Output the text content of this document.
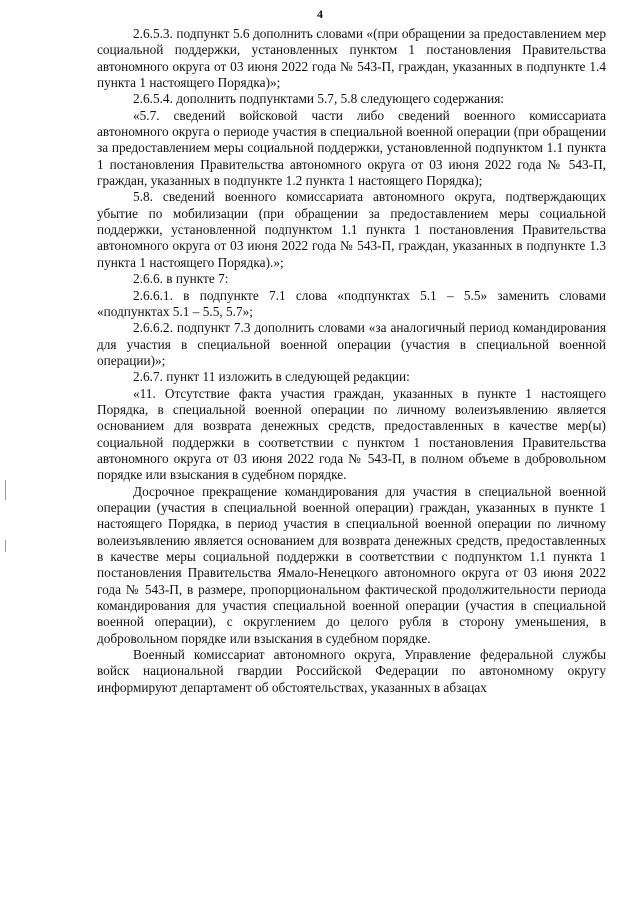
4

2.6.5.3. подпункт 5.6 дополнить словами «(при обращении за предоставлением мер социальной поддержки, установленных пунктом 1 постановления Правительства автономного округа от 03 июня 2022 года № 543-П, граждан, указанных в подпункте 1.4 пункта 1 настоящего Порядка)»;

2.6.5.4. дополнить подпунктами 5.7, 5.8 следующего содержания:

«5.7. сведений войсковой части либо сведений военного комиссариата автономного округа о периоде участия в специальной военной операции (при обращении за предоставлением меры социальной поддержки, установленной подпунктом 1.1 пункта 1 постановления Правительства автономного округа от 03 июня 2022 года № 543-П, граждан, указанных в подпункте 1.2 пункта 1 настоящего Порядка);

5.8. сведений военного комиссариата автономного округа, подтверждающих убытие по мобилизации (при обращении за предоставлением меры социальной поддержки, установленной подпунктом 1.1 пункта 1 постановления Правительства автономного округа от 03 июня 2022 года № 543-П, граждан, указанных в подпункте 1.3 пункта 1 настоящего Порядка).»;

2.6.6. в пункте 7:

2.6.6.1. в подпункте 7.1 слова «подпунктах 5.1 – 5.5» заменить словами «подпунктах 5.1 – 5.5, 5.7»;

2.6.6.2. подпункт 7.3 дополнить словами «за аналогичный период командирования для участия в специальной военной операции (участия в специальной военной операции)»;

2.6.7. пункт 11 изложить в следующей редакции:

«11. Отсутствие факта участия граждан, указанных в пункте 1 настоящего Порядка, в специальной военной операции по личному волеизъявлению является основанием для возврата денежных средств, предоставленных в качестве мер(ы) социальной поддержки в соответствии с пунктом 1 постановления Правительства автономного округа от 03 июня 2022 года № 543-П, в полном объеме в добровольном порядке или взыскания в судебном порядке.

Досрочное прекращение командирования для участия в специальной военной операции (участия в специальной военной операции) граждан, указанных в пункте 1 настоящего Порядка, в период участия в специальной военной операции по личному волеизъявлению является основанием для возврата денежных средств, предоставленных в качестве меры социальной поддержки в соответствии с подпунктом 1.1 пункта 1 постановления Правительства Ямало-Ненецкого автономного округа от 03 июня 2022 года № 543-П, в размере, пропорциональном фактической продолжительности периода командирования для участия специальной военной операции (участия в специальной военной операции), с округлением до целого рубля в сторону уменьшения, в добровольном порядке или взыскания в судебном порядке.

Военный комиссариат автономного округа, Управление федеральной службы войск национальной гвардии Российской Федерации по автономному округу информируют департамент об обстоятельствах, указанных в абзацах
